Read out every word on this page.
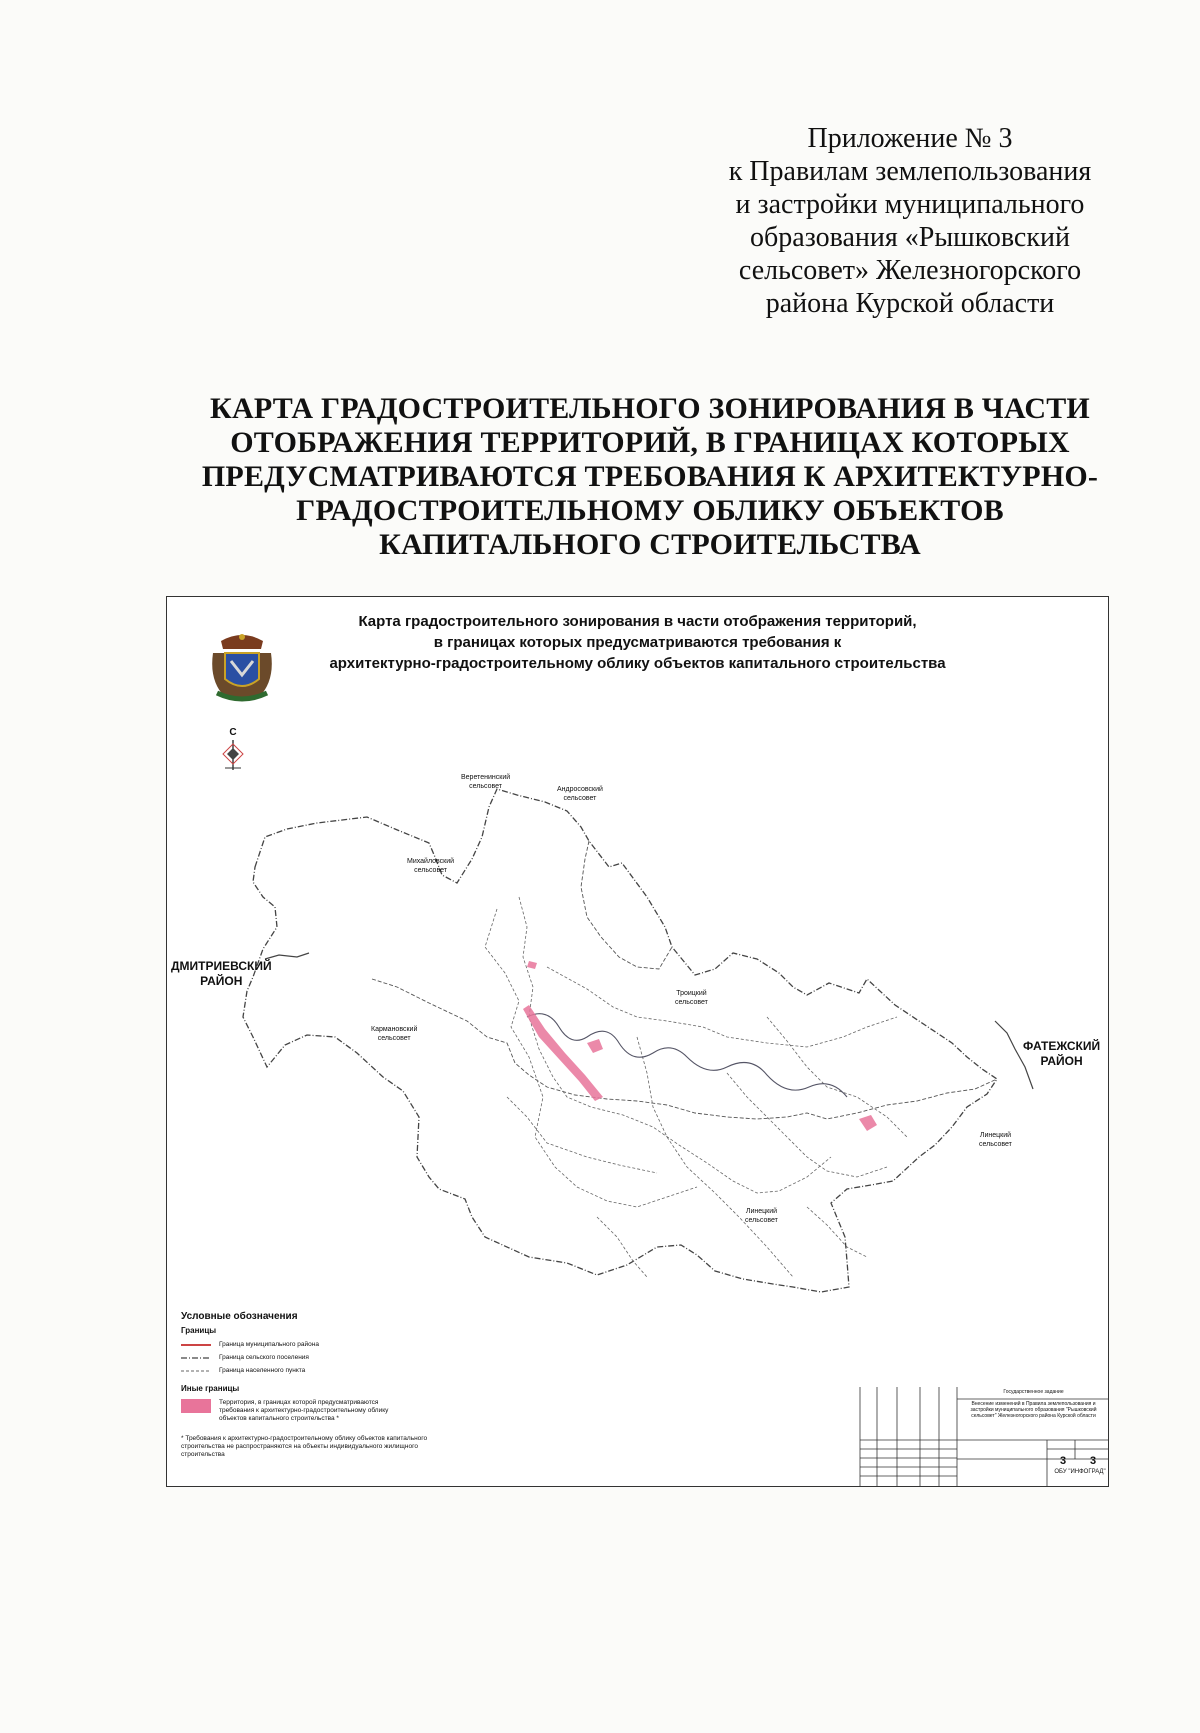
Приложение № 3
к Правилам землепользования
и застройки муниципального
образования «Рышковский
сельсовет» Железногорского
района Курской области
КАРТА ГРАДОСТРОИТЕЛЬНОГО ЗОНИРОВАНИЯ В ЧАСТИ
ОТОБРАЖЕНИЯ ТЕРРИТОРИЙ, В ГРАНИЦАХ КОТОРЫХ
ПРЕДУСМАТРИВАЮТСЯ ТРЕБОВАНИЯ К АРХИТЕКТУРНО-
ГРАДОСТРОИТЕЛЬНОМУ ОБЛИКУ ОБЪЕКТОВ
КАПИТАЛЬНОГО СТРОИТЕЛЬСТВА
Карта градостроительного зонирования в части отображения территорий,
в границах которых предусматриваются требования к
архитектурно-градостроительному облику объектов капитального строительства
С
Веретенинский
сельсовет	Андросовский
сельсовет
Михайловский
сельсовет
ДМИТРИЕВСКИЙ
РАЙОН
Троицкий
сельсовет
Кармановский
сельсовет
ФАТЕЖСКИЙ
РАЙОН
Линецкий
сельсовет
Линецкий
сельсовет
Условные обозначения
Границы
Граница муниципального района
Граница сельского поселения
Граница населенного пункта
Иные границы
Территория, в границах которой предусматриваются требования к архитектурно-градостроительному облику объектов капитального строительства *
* Требования к архитектурно-градостроительному облику объектов капитального строительства не распространяются на объекты индивидуального жилищного строительства
Государственное задание
Внесение изменений в Правила землепользования и застройки муниципального образования "Рышковский сельсовет" Железногорского района Курской области
3	3
ОБУ "ИНФОГРАД"
